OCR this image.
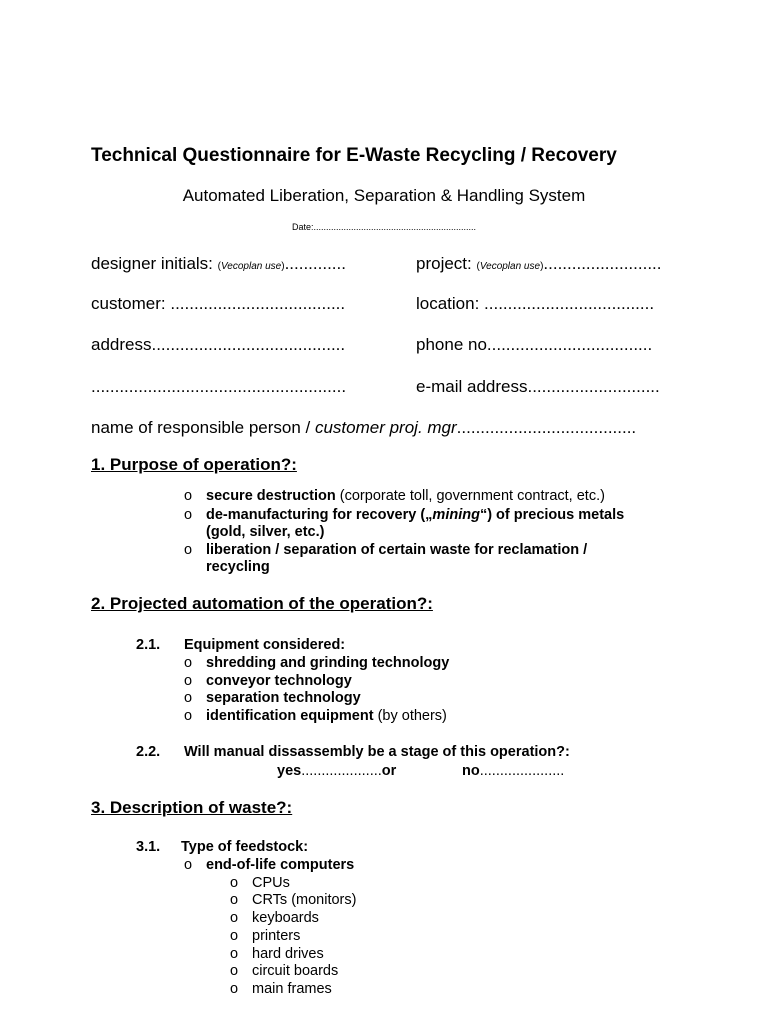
Technical Questionnaire for E-Waste Recycling / Recovery
Automated Liberation, Separation & Handling System
Date:.................................................................
designer initials: (Vecoplan use).............	project: (Vecoplan use).........................
customer: .....................................	location: ....................................
address.........................................	phone no...................................
......................................................	e-mail address............................
name of responsible person / customer proj. mgr......................................
1. Purpose of operation?:
o secure destruction (corporate toll, government contract, etc.)
o de-manufacturing for recovery („mining“) of precious metals
(gold, silver, etc.)
o liberation / separation of certain waste for reclamation /
recycling
2. Projected automation of the operation?:
2.1. Equipment considered:
o shredding and grinding technology
o conveyor technology
o separation technology
o identification equipment (by others)
2.2. Will manual dissassembly be a stage of this operation?:
yes....................or	no.....................
3. Description of waste?:
3.1. Type of feedstock:
o end-of-life computers
o CPUs
o CRTs (monitors)
o keyboards
o printers
o hard drives
o circuit boards
o main frames
